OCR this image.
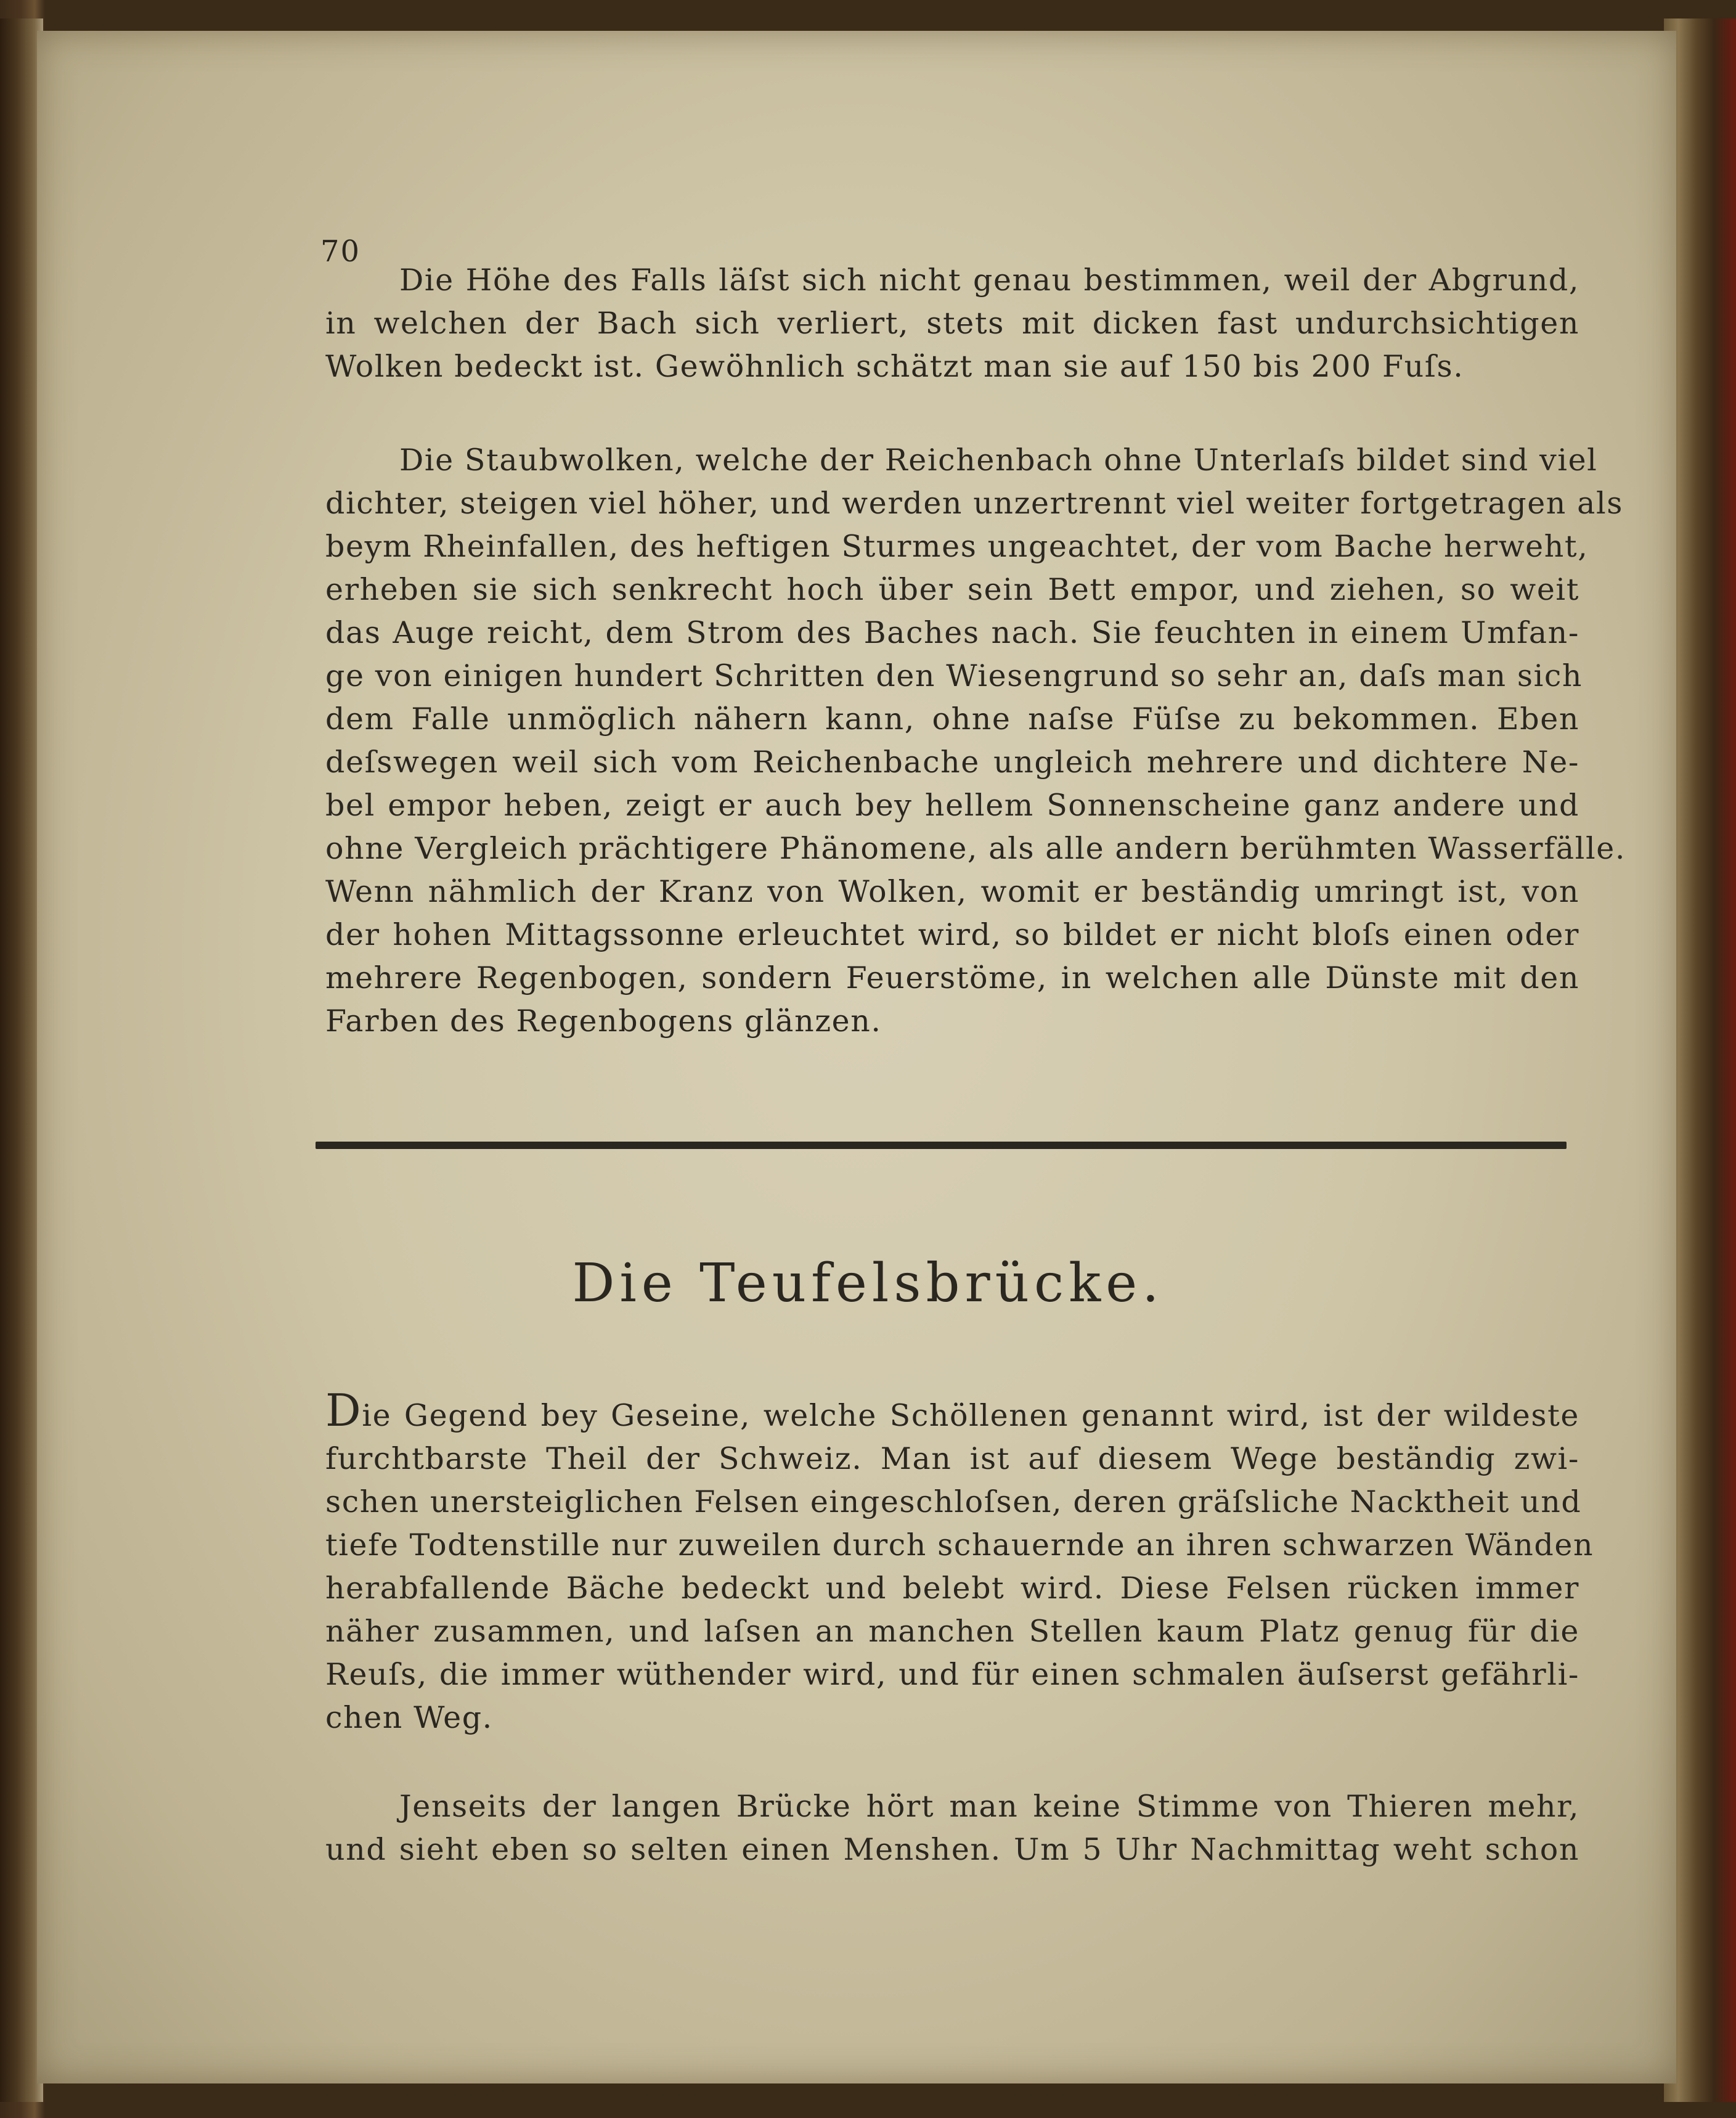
70
Die Höhe des Falls läſst sich nicht genau bestimmen, weil der Abgrund,
in welchen der Bach sich verliert, stets mit dicken fast undurchsichtigen
Wolken bedeckt ist. Gewöhnlich schätzt man sie auf 150 bis 200 Fuſs.
Die Staubwolken, welche der Reichenbach ohne Unterlaſs bildet sind viel
dichter, steigen viel höher, und werden unzertrennt viel weiter fortgetragen als
beym Rheinfallen, des heftigen Sturmes ungeachtet, der vom Bache herweht,
erheben sie sich senkrecht hoch über sein Bett empor, und ziehen, so weit
das Auge reicht, dem Strom des Baches nach. Sie feuchten in einem Umfan-
ge von einigen hundert Schritten den Wiesengrund so sehr an, daſs man sich
dem Falle unmöglich nähern kann, ohne naſse Füſse zu bekommen. Eben
deſswegen weil sich vom Reichenbache ungleich mehrere und dichtere Ne-
bel empor heben, zeigt er auch bey hellem Sonnenscheine ganz andere und
ohne Vergleich prächtigere Phänomene, als alle andern berühmten Wasserfälle.
Wenn nähmlich der Kranz von Wolken, womit er beständig umringt ist, von
der hohen Mittagssonne erleuchtet wird, so bildet er nicht bloſs einen oder
mehrere Regenbogen, sondern Feuerstöme, in welchen alle Dünste mit den
Farben des Regenbogens glänzen.
Die Teufelsbrücke.
Die Gegend bey Geseine, welche Schöllenen genannt wird, ist der wildeste
furchtbarste Theil der Schweiz. Man ist auf diesem Wege beständig zwi-
schen unersteiglichen Felsen eingeschloſsen, deren gräſsliche Nacktheit und
tiefe Todtenstille nur zuweilen durch schauernde an ihren schwarzen Wänden
herabfallende Bäche bedeckt und belebt wird. Diese Felsen rücken immer
näher zusammen, und laſsen an manchen Stellen kaum Platz genug für die
Reuſs, die immer wüthender wird, und für einen schmalen äuſserst gefährli-
chen Weg.
Jenseits der langen Brücke hört man keine Stimme von Thieren mehr,
und sieht eben so selten einen Menshen. Um 5 Uhr Nachmittag weht schon
